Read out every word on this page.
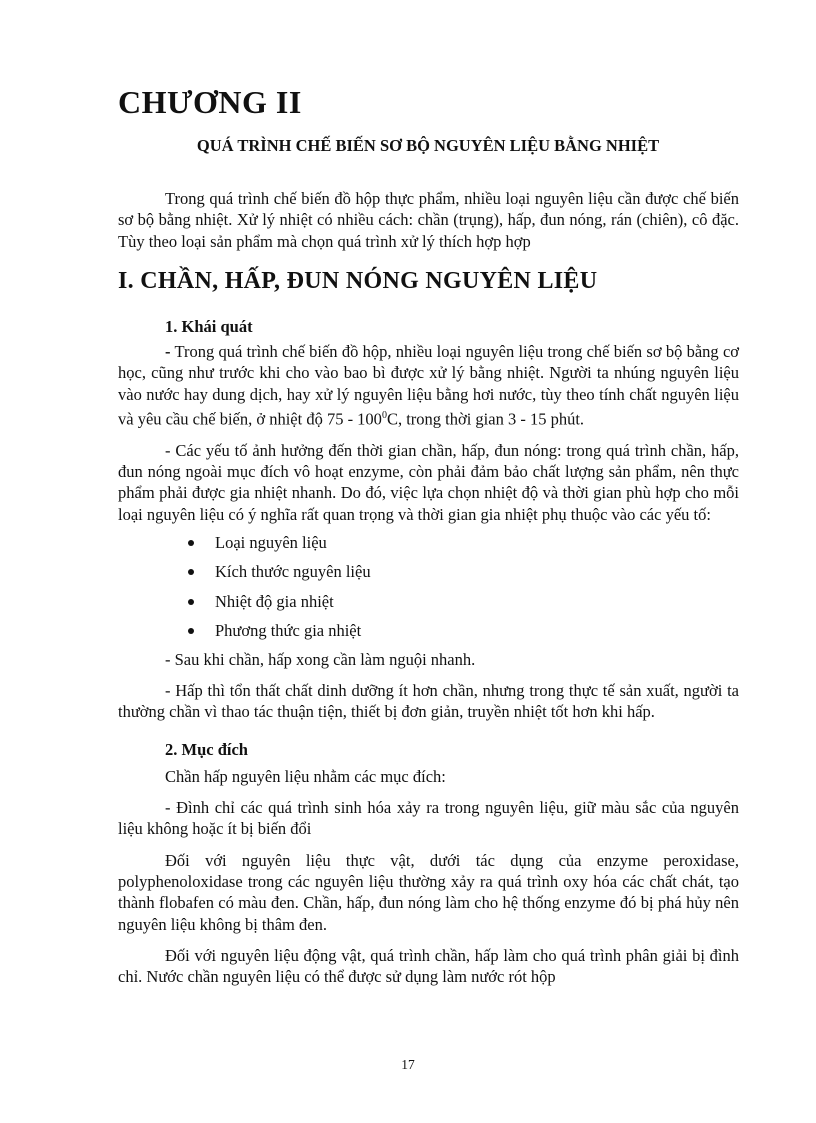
CHƯƠNG II
QUÁ TRÌNH CHẾ BIẾN SƠ BỘ NGUYÊN LIỆU BẰNG NHIỆT

Trong quá trình chế biến đồ hộp thực phẩm, nhiều loại nguyên liệu cần được chế biến sơ bộ bằng nhiệt. Xử lý nhiệt có nhiều cách: chần (trụng), hấp, đun nóng, rán (chiên), cô đặc. Tùy theo loại sản phẩm mà chọn quá trình xử lý thích hợp hợp

I. CHẦN, HẤP, ĐUN NÓNG NGUYÊN LIỆU
1. Khái quát

- Trong quá trình chế biến đồ hộp, nhiều loại nguyên liệu trong chế biến sơ bộ bằng cơ học, cũng như trước khi cho vào bao bì được xử lý bằng nhiệt. Người ta nhúng nguyên liệu vào nước hay dung dịch, hay xử lý nguyên liệu bằng hơi nước, tùy theo tính chất nguyên liệu và yêu cầu chế biến, ở nhiệt độ $75 - 100^0C$, trong thời gian 3 - 15 phút.

- Các yếu tố ảnh hưởng đến thời gian chần, hấp, đun nóng: trong quá trình chần, hấp, đun nóng ngoài mục đích vô hoạt enzyme, còn phải đảm bảo chất lượng sản phẩm, nên thực phẩm phải được gia nhiệt nhanh. Do đó, việc lựa chọn nhiệt độ và thời gian phù hợp cho mỗi loại nguyên liệu có ý nghĩa rất quan trọng và thời gian gia nhiệt phụ thuộc vào các yếu tố:

Loại nguyên liệu
Kích thước nguyên liệu
Nhiệt độ gia nhiệt
Phương thức gia nhiệt

- Sau khi chần, hấp xong cần làm nguội nhanh.

- Hấp thì tổn thất chất dinh dưỡng ít hơn chần, nhưng trong thực tế sản xuất, người ta thường chần vì thao tác thuận tiện, thiết bị đơn giản, truyền nhiệt tốt hơn khi hấp.

2. Mục đích

Chần hấp nguyên liệu nhằm các mục đích:

- Đình chỉ các quá trình sinh hóa xảy ra trong nguyên liệu, giữ màu sắc của nguyên liệu không hoặc ít bị biến đổi

Đối với nguyên liệu thực vật, dưới tác dụng của enzyme peroxidase, polyphenoloxidase trong các nguyên liệu thường xảy ra quá trình oxy hóa các chất chát, tạo thành flobafen có màu đen. Chần, hấp, đun nóng làm cho hệ thống enzyme đó bị phá hủy nên nguyên liệu không bị thâm đen.

Đối với nguyên liệu động vật, quá trình chần, hấp làm cho quá trình phân giải bị đình chỉ. Nước chần nguyên liệu có thể được sử dụng làm nước rót hộp

17
